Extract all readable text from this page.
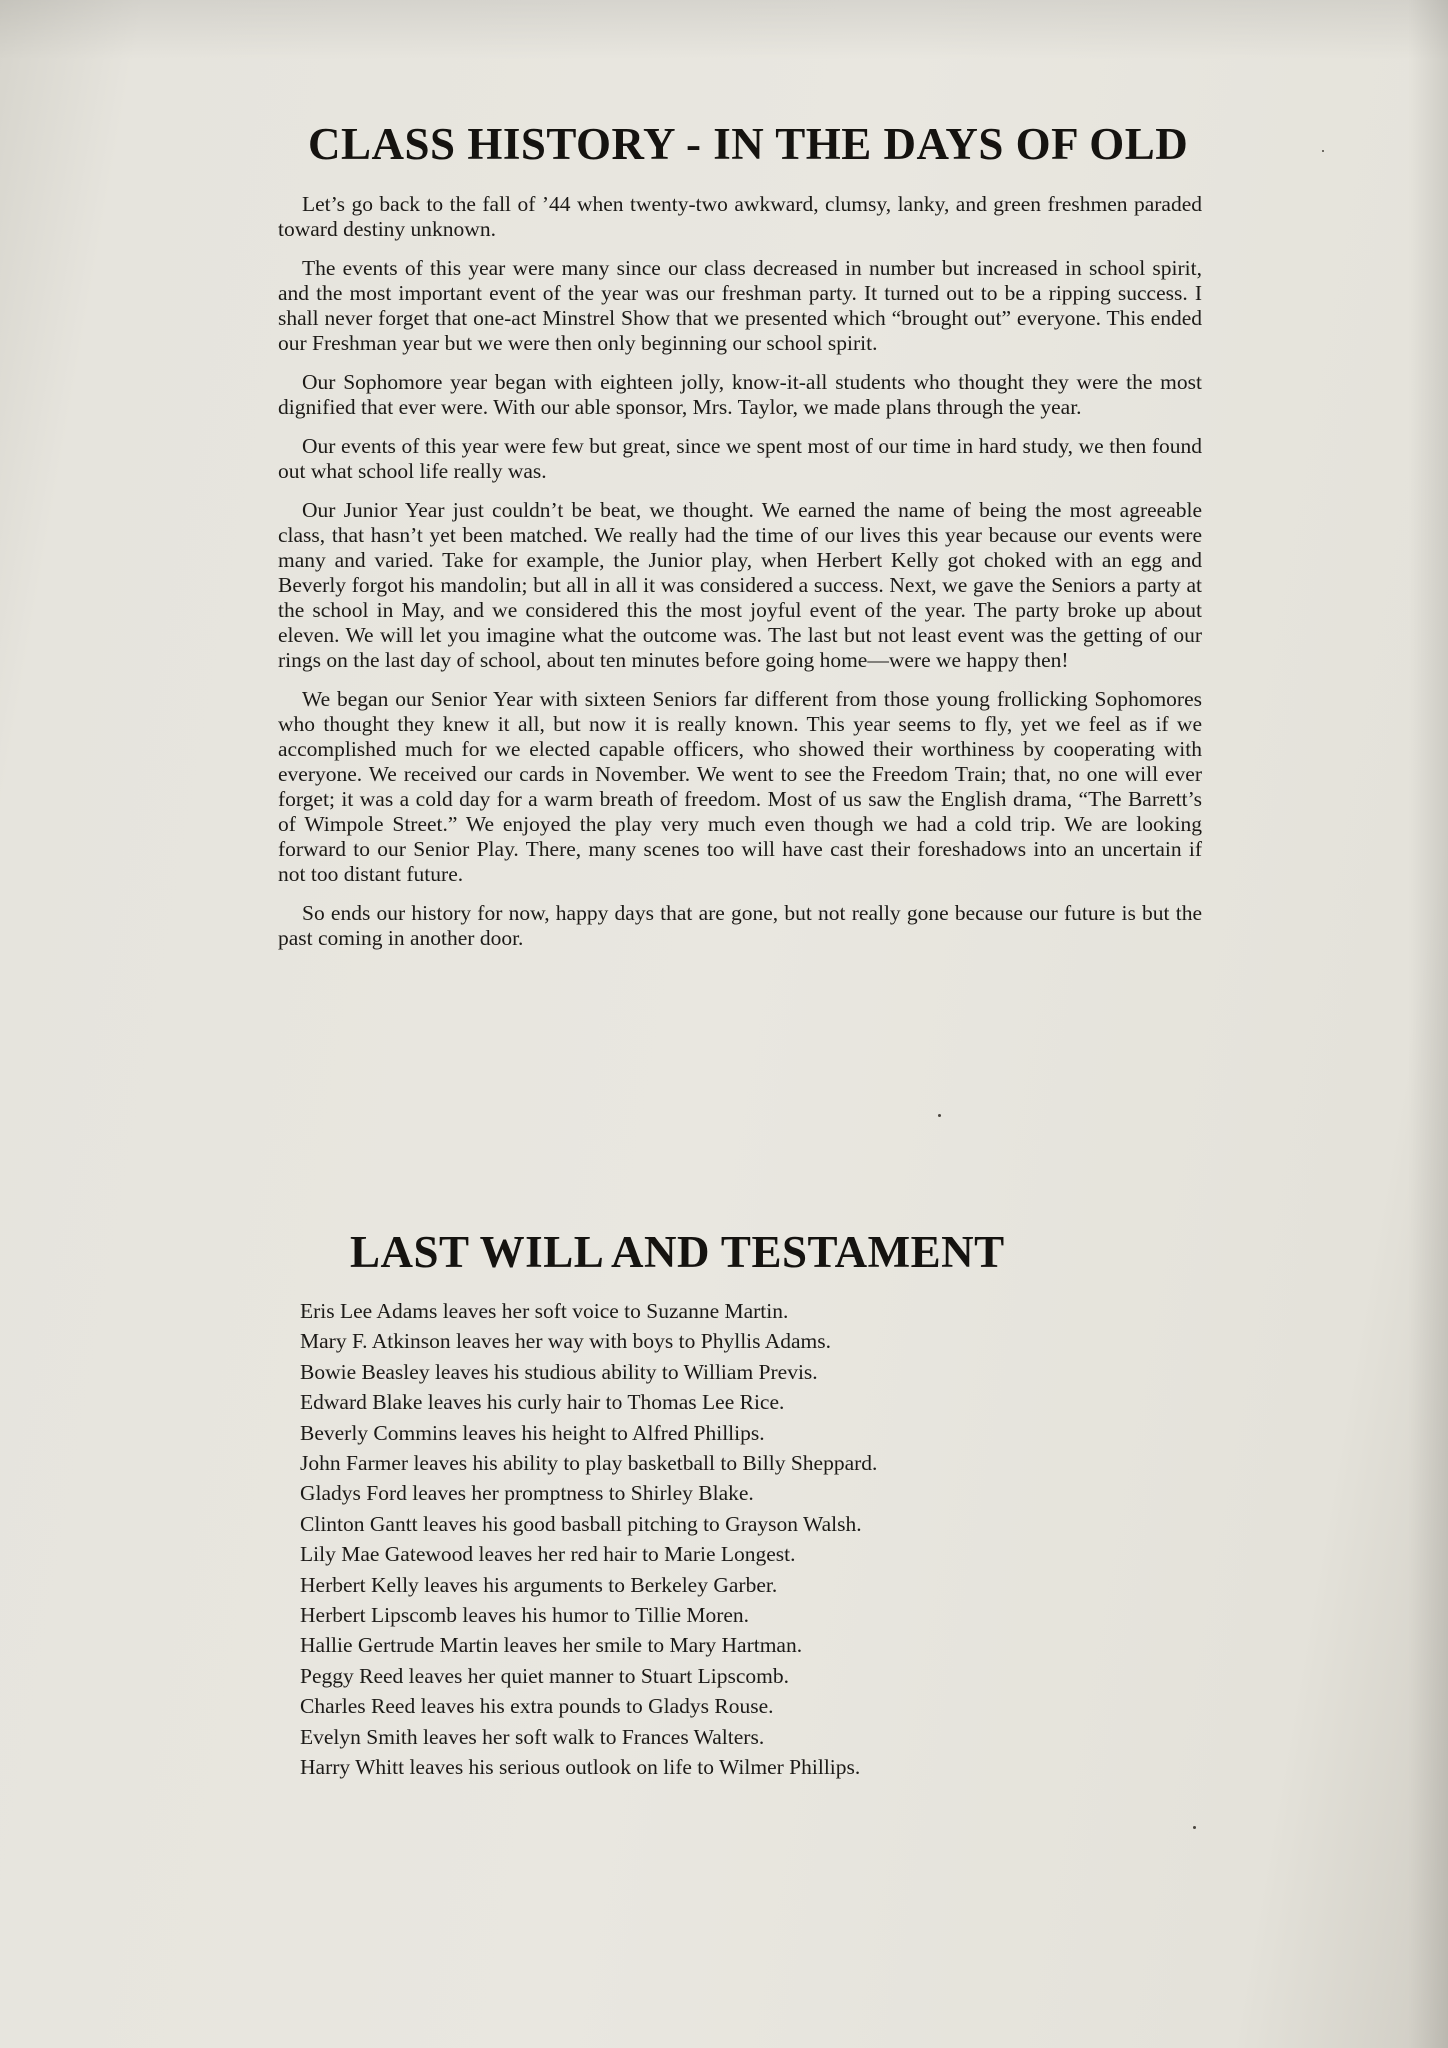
CLASS HISTORY - IN THE DAYS OF OLD

Let’s go back to the fall of ’44 when twenty-two awkward, clumsy, lanky, and green freshmen paraded toward destiny unknown.

The events of this year were many since our class decreased in number but increased in school spirit, and the most important event of the year was our freshman party. It turned out to be a ripping success. I shall never forget that one-act Minstrel Show that we presented which “brought out” everyone. This ended our Freshman year but we were then only beginning our school spirit.

Our Sophomore year began with eighteen jolly, know-it-all students who thought they were the most dignified that ever were. With our able sponsor, Mrs. Taylor, we made plans through the year.

Our events of this year were few but great, since we spent most of our time in hard study, we then found out what school life really was.

Our Junior Year just couldn’t be beat, we thought. We earned the name of being the most agreeable class, that hasn’t yet been matched. We really had the time of our lives this year because our events were many and varied. Take for example, the Junior play, when Herbert Kelly got choked with an egg and Beverly forgot his mandolin; but all in all it was considered a success. Next, we gave the Seniors a party at the school in May, and we considered this the most joyful event of the year. The party broke up about eleven. We will let you imagine what the outcome was. The last but not least event was the getting of our rings on the last day of school, about ten minutes before going home—were we happy then!

We began our Senior Year with sixteen Seniors far different from those young frollicking Sophomores who thought they knew it all, but now it is really known. This year seems to fly, yet we feel as if we accomplished much for we elected capable officers, who showed their worthiness by cooperating with everyone. We received our cards in November. We went to see the Freedom Train; that, no one will ever forget; it was a cold day for a warm breath of freedom. Most of us saw the English drama, “The Barrett’s of Wimpole Street.” We enjoyed the play very much even though we had a cold trip. We are looking forward to our Senior Play. There, many scenes too will have cast their foreshadows into an uncertain if not too distant future.

So ends our history for now, happy days that are gone, but not really gone because our future is but the past coming in another door.

LAST WILL AND TESTAMENT
Eris Lee Adams leaves her soft voice to Suzanne Martin.
Mary F. Atkinson leaves her way with boys to Phyllis Adams.
Bowie Beasley leaves his studious ability to William Previs.
Edward Blake leaves his curly hair to Thomas Lee Rice.
Beverly Commins leaves his height to Alfred Phillips.
John Farmer leaves his ability to play basketball to Billy Sheppard.
Gladys Ford leaves her promptness to Shirley Blake.
Clinton Gantt leaves his good basball pitching to Grayson Walsh.
Lily Mae Gatewood leaves her red hair to Marie Longest.
Herbert Kelly leaves his arguments to Berkeley Garber.
Herbert Lipscomb leaves his humor to Tillie Moren.
Hallie Gertrude Martin leaves her smile to Mary Hartman.
Peggy Reed leaves her quiet manner to Stuart Lipscomb.
Charles Reed leaves his extra pounds to Gladys Rouse.
Evelyn Smith leaves her soft walk to Frances Walters.
Harry Whitt leaves his serious outlook on life to Wilmer Phillips.
